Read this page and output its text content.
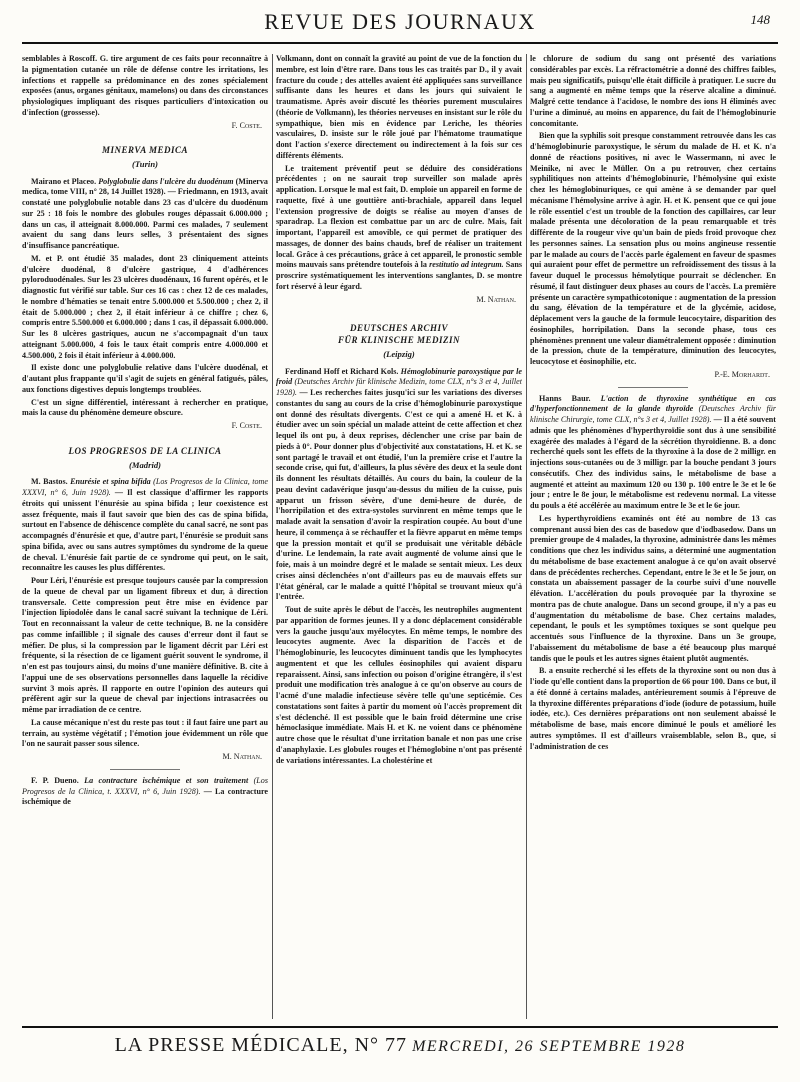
REVUE DES JOURNAUX	148

semblables à Roscoff. G. tire argument de ces faits pour reconnaître à la pigmentation cutanée un rôle de défense contre les irritations, les infections et rappelle sa prédominance en des zones spécialement exposées (anus, organes génitaux, mamelons) ou dans des circonstances physiologiques impliquant des risques particuliers d'intoxication ou d'infection (grossesse).

F. Coste.

MINERVA MEDICA
(Turin)

Mairano et Placeo. Polyglobulie dans l'ulcère du duodénum (Minerva medica, tome VIII, n° 28, 14 Juillet 1928). — Friedmann, en 1913, avait constaté une polyglobulie notable dans 23 cas d'ulcère du duodénum sur 25 : 18 fois le nombre des globules rouges dépassait 6.000.000 ; dans un cas, il atteignait 8.000.000. Parmi ces malades, 7 seulement avaient du sang dans leurs selles, 3 présentaient des signes d'insuffisance pancréatique.

M. et P. ont étudié 35 malades, dont 23 cliniquement atteints d'ulcère duodénal, 8 d'ulcère gastrique, 4 d'adhérences pyloroduodénales. Sur les 23 ulcères duodénaux, 16 furent opérés, et le diagnostic fut vérifié sur table. Sur ces 16 cas : chez 12 de ces malades, le nombre d'hématies se tenait entre 5.000.000 et 5.500.000 ; chez 2, il était de 5.000.000 ; chez 2, il était inférieur à ce chiffre ; chez 6, compris entre 5.500.000 et 6.000.000 ; dans 1 cas, il dépassait 6.000.000. Sur les 8 ulcères gastriques, aucun ne s'accompagnait d'un taux atteignant 5.000.000, 4 fois le taux était compris entre 4.000.000 et 4.500.000, 2 fois il était inférieur à 4.000.000.

Il existe donc une polyglobulie relative dans l'ulcère duodénal, et d'autant plus frappante qu'il s'agit de sujets en général fatigués, pâles, aux fonctions digestives depuis longtemps troublées.

C'est un signe différentiel, intéressant à rechercher en pratique, mais la cause du phénomène demeure obscure.

F. Coste.

LOS PROGRESOS DE LA CLINICA
(Madrid)

M. Bastos. Enurésie et spina bifida (Los Progresos de la Clinica, tome XXXVI, n° 6, Juin 1928). — Il est classique d'affirmer les rapports étroits qui unissent l'énurésie au spina bifida ; leur coexistence est assez fréquente, mais il faut savoir que bien des cas de spina bifida, surtout en l'absence de déhiscence complète du canal sacré, ne sont pas accompagnés d'énurésie et que, d'autre part, l'énurésie se produit sans spina bifida, avec ou sans autres symptômes du syndrome de la queue de cheval. L'énurésie fait partie de ce syndrome qui peut, on le sait, reconnaître les causes les plus différentes.

Pour Léri, l'énurésie est presque toujours causée par la compression de la queue de cheval par un ligament fibreux et dur, à direction transversale. Cette compression peut être mise en évidence par l'injection lipiodolée dans le canal sacré suivant la technique de Léri. Tout en reconnaissant la valeur de cette technique, B. ne la considère pas comme infaillible ; il signale des causes d'erreur dont il faut se méfier. De plus, si la compression par le ligament décrit par Léri est fréquente, si la résection de ce ligament guérit souvent le syndrome, il n'en est pas toujours ainsi, du moins d'une manière définitive. B. cite à l'appui une de ses observations personnelles dans laquelle la récidive survint 3 mois après. Il rapporte en outre l'opinion des auteurs qui préfèrent agir sur la queue de cheval par injections intrasacrées ou même par irradiation de ce centre.

La cause mécanique n'est du reste pas tout : il faut faire une part au terrain, au système végétatif ; l'émotion joue évidemment un rôle que l'on ne saurait passer sous silence.

M. Nathan.

F. P. Dueno. La contracture ischémique et son traitement (Los Progresos de la Clinica, t. XXXVI, n° 6, Juin 1928). — La contracture ischémique de

Volkmann, dont on connaît la gravité au point de vue de la fonction du membre, est loin d'être rare. Dans tous les cas traités par D., il y avait fracture du coude ; des attelles avaient été appliquées sans surveillance suffisante dans les heures et dans les jours qui suivaient le traumatisme. Après avoir discuté les théories purement musculaires (théorie de Volkmann), les théories nerveuses en insistant sur le rôle du sympathique, bien mis en évidence par Leriche, les théories vasculaires, D. insiste sur le rôle joué par l'hématome traumatique dont l'action s'exerce directement ou indirectement à la fois sur ces différents éléments.

Le traitement préventif peut se déduire des considérations précédentes ; on ne saurait trop surveiller son malade après application. Lorsque le mal est fait, D. emploie un appareil en forme de raquette, fixé à une gouttière anti-brachiale, appareil dans lequel l'extension progressive de doigts se réalise au moyen d'anses de sparadrap. La flexion est combattue par un arc de culre. Mais, fait important, l'appareil est amovible, ce qui permet de pratiquer des massages, de donner des bains chauds, bref de réaliser un traitement local. Grâce à ces précautions, grâce à cet appareil, le pronostic semble moins mauvais sans prétendre toutefois à la restitutio ad integrum. Sans proscrire systématiquement les interventions sanglantes, D. se montre fort réservé à leur égard.

M. Nathan.

DEUTSCHES ARCHIV
FÜR KLINISCHE MEDIZIN
(Leipzig)

Ferdinand Hoff et Richard Kols. Hémoglobinurie paroxystique par le froid (Deutsches Archiv für klinische Medizin, tome CLX, n°s 3 et 4, Juillet 1928). — Les recherches faites jusqu'ici sur les variations des diverses constantes du sang au cours de la crise d'hémoglobinurie paroxystique ont donné des résultats divergents. C'est ce qui a amené H. et K. à étudier avec un soin spécial un malade atteint de cette affection et chez lequel ils ont pu, à deux reprises, déclencher une crise par bain de pieds à 0°. Pour donner plus d'objectivité aux constatations, H. et K. se sont partagé le travail et ont étudié, l'un la première crise et l'autre la seconde crise, qui fut, d'ailleurs, la plus sévère des deux et la seule dont ils donnent les résultats détaillés. Au cours du bain, la couleur de la peau devint cadavérique jusqu'au-dessus du milieu de la cuisse, puis apparut un frisson sévère, d'une demi-heure de durée, de l'horripilation et des extra-systoles survinrent en même temps que le malade avait la sensation d'avoir la respiration coupée. Au bout d'une heure, il commença à se réchauffer et la fièvre apparut en même temps que la pression montait et qu'il se produisait une véritable débâcle d'urine. Le lendemain, la rate avait augmenté de volume ainsi que le foie, mais à un moindre degré et le malade se sentait mieux. Les deux crises ainsi déclenchées n'ont d'ailleurs pas eu de mauvais effets sur l'état général, car le malade a quitté l'hôpital se trouvant mieux qu'à l'entrée.

Tout de suite après le début de l'accès, les neutrophiles augmentent par apparition de formes jeunes. Il y a donc déplacement considérable vers la gauche jusqu'aux myélocytes. En même temps, le nombre des leucocytes augmente. Avec la disparition de l'accès et de l'hémoglobinurie, les leucocytes diminuent tandis que les lymphocytes augmentent et que les cellules éosinophiles qui avaient disparu reparaissent. Ainsi, sans infection ou poison d'origine étrangère, il s'est produit une modification très analogue à ce qu'on observe au cours de l'acmé d'une maladie infectieuse sévère telle qu'une septicémie. Ces constatations sont faites à partir du moment où l'accès proprement dit s'est déclenché. Il est possible que le bain froid détermine une crise hémoclasique immédiate. Mais H. et K. ne voient dans ce phénomène autre chose que le résultat d'une irritation banale et non pas une crise d'anaphylaxie. Les globules rouges et l'hémoglobine n'ont pas présenté de variations intéressantes. La cholestérine et

le chlorure de sodium du sang ont présenté des variations considérables par excès. La réfractométrie a donné des chiffres faibles, mais peu significatifs, puisqu'elle était difficile à pratiquer. Le sucre du sang a augmenté en même temps que la réserve alcaline a diminué. Malgré cette tendance à l'acidose, le nombre des ions H éliminés avec l'urine a diminué, au moins en apparence, du fait de l'hémoglobinurie concomitante.

Bien que la syphilis soit presque constamment retrouvée dans les cas d'hémoglobinurie paroxystique, le sérum du malade de H. et K. n'a donné de réactions positives, ni avec le Wassermann, ni avec le Meinike, ni avec le Müller. On a pu retrouver, chez certains syphilitiques non atteints d'hémoglobinurie, l'hémolysine qui existe chez les hémoglobinuriques, ce qui amène à se demander par quel mécanisme l'hémolysine arrive à agir. H. et K. pensent que ce qui joue le rôle essentiel c'est un trouble de la fonction des capillaires, car leur malade présenta une décoloration de la peau remarquable et très différente de la rougeur vive qu'un bain de pieds froid provoque chez les personnes saines. La sensation plus ou moins angineuse ressentie par le malade au cours de l'accès parle également en faveur de spasmes qui auraient pour effet de permettre un refroidissement des tissus à la faveur duquel le processus hémolytique pourrait se déclencher. En résumé, il faut distinguer deux phases au cours de l'accès. La première présente un caractère sympathicotonique : augmentation de la pression du sang, élévation de la température et de la glycémie, acidose, déplacement vers la gauche de la formule leucocytaire, disparition des éosinophiles, horripilation. Dans la seconde phase, tous ces phénomènes prennent une valeur diamétralement opposée : diminution de la pression, chute de la température, diminution des leucocytes, leucocytose et éosinophilie, etc.

P.-E. Morhardt.

Hanns Baur. L'action de thyroxine synthétique en cas d'hyperfonctionnement de la glande thyroïde (Deutsches Archiv für klinische Chirurgie, tome CLX, n°s 3 et 4, Juillet 1928). — Il a été souvent admis que les phénomènes d'hyperthyroïdie sont dus à une sensibilité exagérée des malades à l'égard de la sécrétion thyroïdienne. B. a donc recherché quels sont les effets de la thyroxine à la dose de 2 milligr. en injections sous-cutanées ou de 3 milligr. par la bouche pendant 3 jours consécutifs. Chez des individus sains, le métabolisme de base a augmenté et atteint au maximum 120 ou 130 p. 100 entre le 3e et le 6e jour ; entre le 8e jour, le métabolisme est redevenu normal. La vitesse du pouls a été accélérée au maximum entre le 3e et le 6e jour.

Les hyperthyroïdiens examinés ont été au nombre de 13 cas comprenant aussi bien des cas de basedow que d'iodbasedow. Dans un premier groupe de 4 malades, la thyroxine, administrée dans les mêmes conditions que chez les individus sains, a déterminé une augmentation du métabolisme de base exactement analogue à ce qu'on avait observé dans de précédentes recherches. Cependant, entre le 3e et le 5e jour, on constata un abaissement passager de la courbe suivi d'une nouvelle élévation. L'accélération du pouls provoquée par la thyroxine se montra pas de chute analogue. Dans un second groupe, il n'y a pas eu d'augmentation du métabolisme de base. Chez certains malades, cependant, le pouls et les symptômes toxiques se sont quelque peu accentués sous l'influence de la thyroxine. Dans un 3e groupe, l'abaissement du métabolisme de base a été beaucoup plus marqué tandis que le pouls et les autres signes étaient plutôt augmentés.

B. a ensuite recherché si les effets de la thyroxine sont ou non dus à l'iode qu'elle contient dans la proportion de 66 pour 100. Dans ce but, il a été donné à certains malades, antérieurement soumis à l'épreuve de la thyroxine différentes préparations d'iode (iodure de potassium, huile iodée, etc.). Ces dernières préparations ont non seulement abaissé le métabolisme de base, mais encore diminué le pouls et amélioré les autres symptômes. Il est d'ailleurs vraisemblable, selon B., que, si l'administration de ces

LA PRESSE MÉDICALE, N° 77 MERCREDI, 26 SEPTEMBRE 1928
